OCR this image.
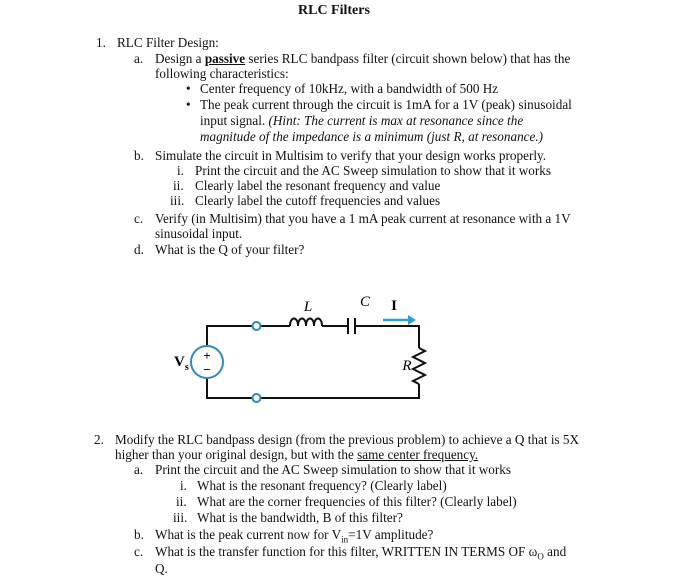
RLC Filters
1. RLC Filter Design:
a. Design a passive series RLC bandpass filter (circuit shown below) that has the
following characteristics:
• Center frequency of 10kHz, with a bandwidth of 500 Hz
• The peak current through the circuit is 1mA for a 1V (peak) sinusoidal
input signal. (Hint: The current is max at resonance since the
magnitude of the impedance is a minimum (just R, at resonance.)
b. Simulate the circuit in Multisim to verify that your design works properly.
i. Print the circuit and the AC Sweep simulation to show that it works
ii. Clearly label the resonant frequency and value
iii. Clearly label the cutoff frequencies and values
c. Verify (in Multisim) that you have a 1 mA peak current at resonance with a 1V
sinusoidal input.
d. What is the Q of your filter?
+
−
L	C I
R
$V_s$
2. Modify the RLC bandpass design (from the previous problem) to achieve a Q that is 5X
higher than your original design, but with the same center frequency.
a. Print the circuit and the AC Sweep simulation to show that it works
i. What is the resonant frequency? (Clearly label)
ii. What are the corner frequencies of this filter? (Clearly label)
iii. What is the bandwidth, B of this filter?
b. What is the peak current now for $V_{in}=1V$ amplitude?
c. What is the transfer function for this filter, WRITTEN IN TERMS OF $\omega_O$ and
Q.
